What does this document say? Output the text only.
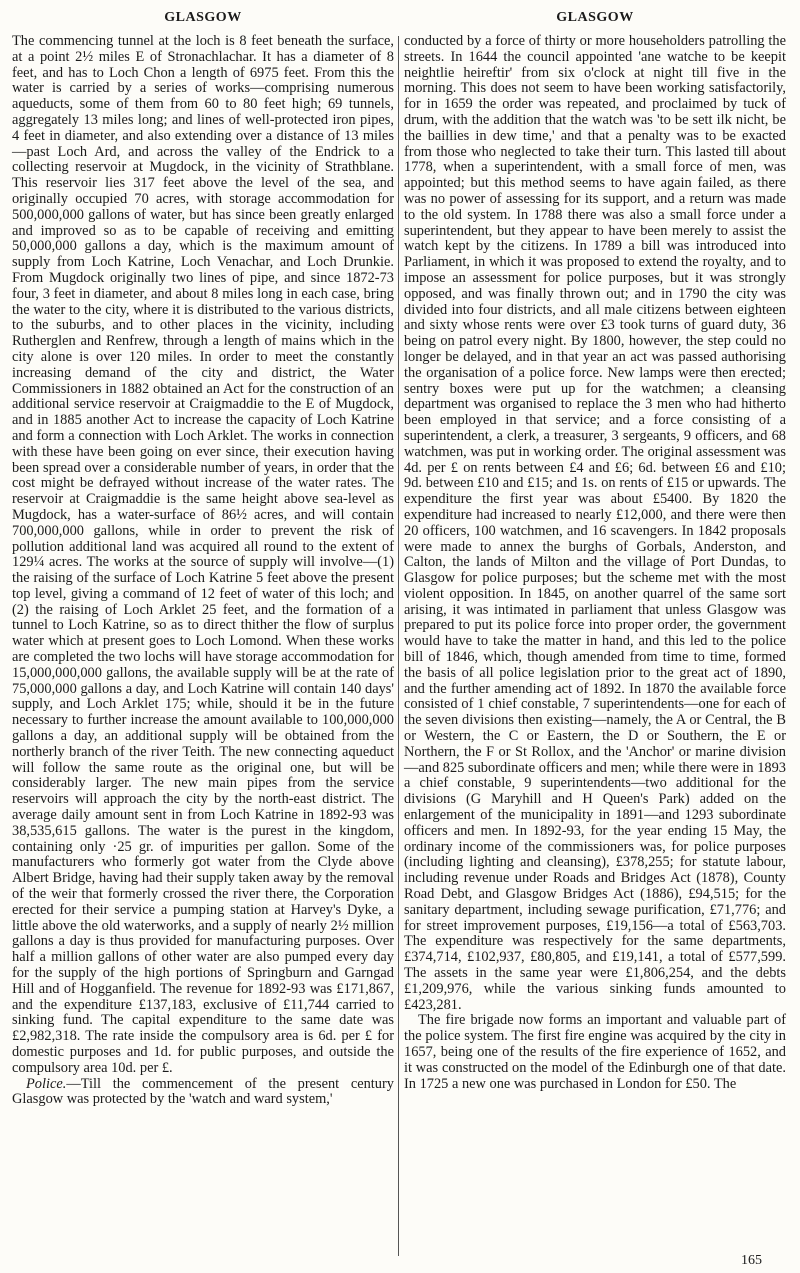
GLASGOW

The commencing tunnel at the loch is 8 feet beneath the surface, at a point 2½ miles E of Stronachlachar. It has a diameter of 8 feet, and has to Loch Chon a length of 6975 feet. From this the water is carried by a series of works—comprising numerous aqueducts, some of them from 60 to 80 feet high; 69 tunnels, aggregately 13 miles long; and lines of well-protected iron pipes, 4 feet in diameter, and also extending over a distance of 13 miles—past Loch Ard, and across the valley of the Endrick to a collecting reservoir at Mugdock, in the vicinity of Strathblane. This reservoir lies 317 feet above the level of the sea, and originally occupied 70 acres, with storage accommodation for 500,000,000 gallons of water, but has since been greatly enlarged and improved so as to be capable of receiving and emitting 50,000,000 gallons a day, which is the maximum amount of supply from Loch Katrine, Loch Venachar, and Loch Drunkie. From Mugdock originally two lines of pipe, and since 1872-73 four, 3 feet in diameter, and about 8 miles long in each case, bring the water to the city, where it is distributed to the various districts, to the suburbs, and to other places in the vicinity, including Rutherglen and Renfrew, through a length of mains which in the city alone is over 120 miles. In order to meet the constantly increasing demand of the city and district, the Water Commissioners in 1882 obtained an Act for the construction of an additional service reservoir at Craigmaddie to the E of Mugdock, and in 1885 another Act to increase the capacity of Loch Katrine and form a connection with Loch Arklet. The works in connection with these have been going on ever since, their execution having been spread over a considerable number of years, in order that the cost might be defrayed without increase of the water rates. The reservoir at Craigmaddie is the same height above sea-level as Mugdock, has a water-surface of 86½ acres, and will contain 700,000,000 gallons, while in order to prevent the risk of pollution additional land was acquired all round to the extent of 129¼ acres. The works at the source of supply will involve—(1) the raising of the surface of Loch Katrine 5 feet above the present top level, giving a command of 12 feet of water of this loch; and (2) the raising of Loch Arklet 25 feet, and the formation of a tunnel to Loch Katrine, so as to direct thither the flow of surplus water which at present goes to Loch Lomond. When these works are completed the two lochs will have storage accommodation for 15,000,000,000 gallons, the available supply will be at the rate of 75,000,000 gallons a day, and Loch Katrine will contain 140 days' supply, and Loch Arklet 175; while, should it be in the future necessary to further increase the amount available to 100,000,000 gallons a day, an additional supply will be obtained from the northerly branch of the river Teith. The new connecting aqueduct will follow the same route as the original one, but will be considerably larger. The new main pipes from the service reservoirs will approach the city by the north-east district. The average daily amount sent in from Loch Katrine in 1892-93 was 38,535,615 gallons. The water is the purest in the kingdom, containing only ·25 gr. of impurities per gallon. Some of the manufacturers who formerly got water from the Clyde above Albert Bridge, having had their supply taken away by the removal of the weir that formerly crossed the river there, the Corporation erected for their service a pumping station at Harvey's Dyke, a little above the old waterworks, and a supply of nearly 2½ million gallons a day is thus provided for manufacturing purposes. Over half a million gallons of other water are also pumped every day for the supply of the high portions of Springburn and Garngad Hill and of Hogganfield. The revenue for 1892-93 was £171,867, and the expenditure £137,183, exclusive of £11,744 carried to sinking fund. The capital expenditure to the same date was £2,982,318. The rate inside the compulsory area is 6d. per £ for domestic purposes and 1d. for public purposes, and outside the compulsory area 10d. per £.

Police.—Till the commencement of the present century Glasgow was protected by the 'watch and ward system,'

GLASGOW

conducted by a force of thirty or more householders patrolling the streets. In 1644 the council appointed 'ane watche to be keepit neightlie heireftir' from six o'clock at night till five in the morning. This does not seem to have been working satisfactorily, for in 1659 the order was repeated, and proclaimed by tuck of drum, with the addition that the watch was 'to be sett ilk nicht, be the baillies in dew time,' and that a penalty was to be exacted from those who neglected to take their turn. This lasted till about 1778, when a superintendent, with a small force of men, was appointed; but this method seems to have again failed, as there was no power of assessing for its support, and a return was made to the old system. In 1788 there was also a small force under a superintendent, but they appear to have been merely to assist the watch kept by the citizens. In 1789 a bill was introduced into Parliament, in which it was proposed to extend the royalty, and to impose an assessment for police purposes, but it was strongly opposed, and was finally thrown out; and in 1790 the city was divided into four districts, and all male citizens between eighteen and sixty whose rents were over £3 took turns of guard duty, 36 being on patrol every night. By 1800, however, the step could no longer be delayed, and in that year an act was passed authorising the organisation of a police force. New lamps were then erected; sentry boxes were put up for the watchmen; a cleansing department was organised to replace the 3 men who had hitherto been employed in that service; and a force consisting of a superintendent, a clerk, a treasurer, 3 sergeants, 9 officers, and 68 watchmen, was put in working order. The original assessment was 4d. per £ on rents between £4 and £6; 6d. between £6 and £10; 9d. between £10 and £15; and 1s. on rents of £15 or upwards. The expenditure the first year was about £5400. By 1820 the expenditure had increased to nearly £12,000, and there were then 20 officers, 100 watchmen, and 16 scavengers. In 1842 proposals were made to annex the burghs of Gorbals, Anderston, and Calton, the lands of Milton and the village of Port Dundas, to Glasgow for police purposes; but the scheme met with the most violent opposition. In 1845, on another quarrel of the same sort arising, it was intimated in parliament that unless Glasgow was prepared to put its police force into proper order, the government would have to take the matter in hand, and this led to the police bill of 1846, which, though amended from time to time, formed the basis of all police legislation prior to the great act of 1890, and the further amending act of 1892. In 1870 the available force consisted of 1 chief constable, 7 superintendents—one for each of the seven divisions then existing—namely, the A or Central, the B or Western, the C or Eastern, the D or Southern, the E or Northern, the F or St Rollox, and the 'Anchor' or marine division—and 825 subordinate officers and men; while there were in 1893 a chief constable, 9 superintendents—two additional for the divisions (G Maryhill and H Queen's Park) added on the enlargement of the municipality in 1891—and 1293 subordinate officers and men. In 1892-93, for the year ending 15 May, the ordinary income of the commissioners was, for police purposes (including lighting and cleansing), £378,255; for statute labour, including revenue under Roads and Bridges Act (1878), County Road Debt, and Glasgow Bridges Act (1886), £94,515; for the sanitary department, including sewage purification, £71,776; and for street improvement purposes, £19,156—a total of £563,703. The expenditure was respectively for the same departments, £374,714, £102,937, £80,805, and £19,141, a total of £577,599. The assets in the same year were £1,806,254, and the debts £1,209,976, while the various sinking funds amounted to £423,281.

The fire brigade now forms an important and valuable part of the police system. The first fire engine was acquired by the city in 1657, being one of the results of the fire experience of 1652, and it was constructed on the model of the Edinburgh one of that date. In 1725 a new one was purchased in London for £50. The

165
